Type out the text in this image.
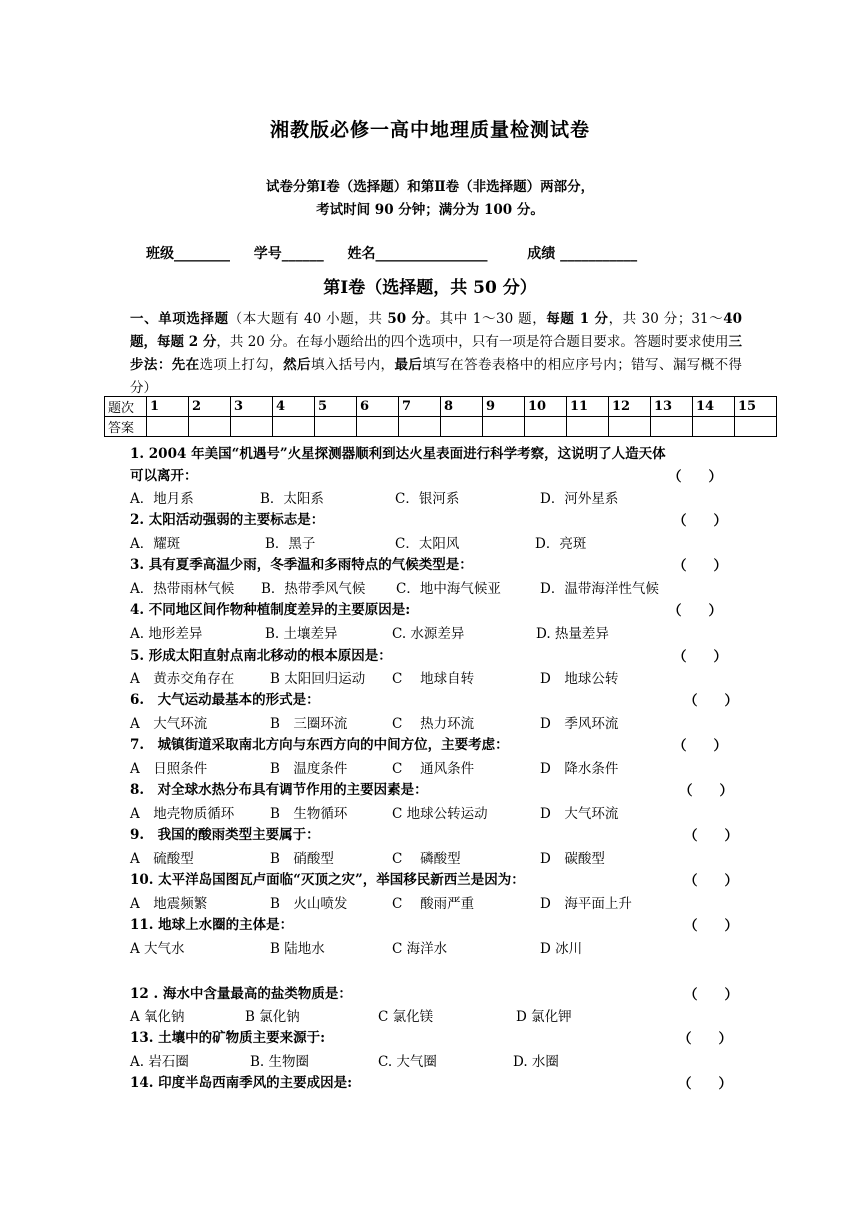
湘教版必修一高中地理质量检测试卷
试卷分第Ⅰ卷（选择题）和第Ⅱ卷（非选择题）两部分，
考试时间 90 分钟；满分为 100 分。
班级________ 学号______ 姓名________________	成绩 ___________
第Ⅰ卷（选择题，共 50 分）
一、单项选择题（本大题有 40 小题，共 50 分。其中 1～30 题，每题 1 分，共 30 分；31～40 题，每题 2 分，共 20 分。在每小题给出的四个选项中，只有一项是符合题目要求。答题时要求使用三步法：先在选项上打勾，然后填入括号内，最后填写在答卷表格中的相应序号内；错写、漏写概不得分）
题次	1	2	3	4	5	6	7	8	9	10	11	12	13	14	15
答案															
1. 2004 年美国“机遇号”火星探测器顺利到达火星表面进行科学考察，这说明了人造天体
可以离开：	（　　）
A．地月系	B．太阳系	C．银河系	D．河外星系
2. 太阳活动强弱的主要标志是：	（　　）
A．耀斑	B．黑子	C．太阳风	D．亮斑
3. 具有夏季高温少雨，冬季温和多雨特点的气候类型是：	（　　）
A．热带雨林气候 B．热带季风气候 C．地中海气候亚	D．温带海洋性气候
4. 不同地区间作物种植制度差异的主要原因是:	（　　）
A. 地形差异	B. 土壤差异	C. 水源差异	D. 热量差异
5. 形成太阳直射点南北移动的根本原因是：	（　　）
A　黄赤交角存在	B 太阳回归运动 C　 地球自转	D　地球公转
6.　大气运动最基本的形式是：	（　　）
A　大气环流	B　三圈环流	C　 热力环流	D　季风环流
7.　城镇街道采取南北方向与东西方向的中间方位，主要考虑：	（　　）
A　日照条件	B　温度条件	C　 通风条件	D　降水条件
8.　对全球水热分布具有调节作用的主要因素是：	（　　）
A　地壳物质循环	B　生物循环	C 地球公转运动	D　大气环流
9.　我国的酸雨类型主要属于：	（　　）
A　硫酸型	B　硝酸型	C　 磷酸型	D　碳酸型
10. 太平洋岛国图瓦卢面临“灭顶之灾”，举国移民新西兰是因为：	（　　）
A　地震频繁	B　火山喷发	C　 酸雨严重	D　海平面上升
11. 地球上水圈的主体是：	（　　）
A 大气水	B 陆地水	C 海洋水	D 冰川
12 . 海水中含量最高的盐类物质是：	（　　）
A 氧化钠	B 氯化钠	C 氯化镁	D 氯化钾
13. 土壤中的矿物质主要来源于:	（　　）
A. 岩石圈	B. 生物圈	C. 大气圈	D. 水圈
14. 印度半岛西南季风的主要成因是:	（　　）
